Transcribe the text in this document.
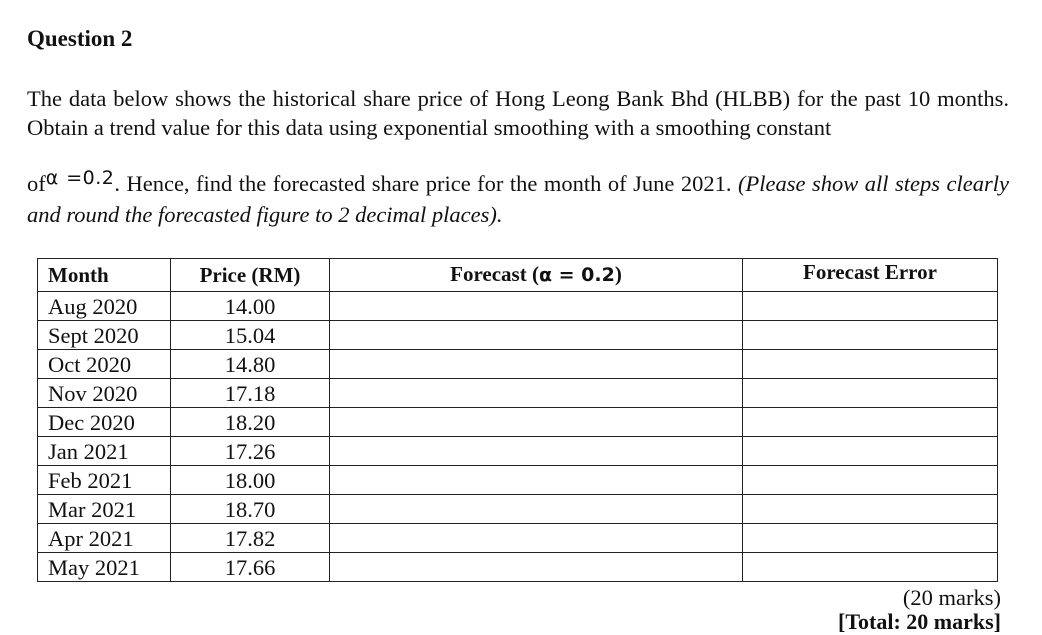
Question 2

The data below shows the historical share price of Hong Leong Bank Bhd (HLBB) for the past 10 months. Obtain a trend value for this data using exponential smoothing with a smoothing constant

$of^{\alpha =0.2}$. Hence, find the forecasted share price for the month of June 2021. (Please show all steps clearly and round the forecasted figure to 2 decimal places).

Month	Price (RM)	Forecast (α = 0.2)	Forecast Error
Aug 2020	14.00		
Sept 2020	15.04		
Oct 2020	14.80		
Nov 2020	17.18		
Dec 2020	18.20		
Jan 2021	17.26		
Feb 2021	18.00		
Mar 2021	18.70		
Apr 2021	17.82		
May 2021	17.66		
(20 marks)
[Total: 20 marks]
